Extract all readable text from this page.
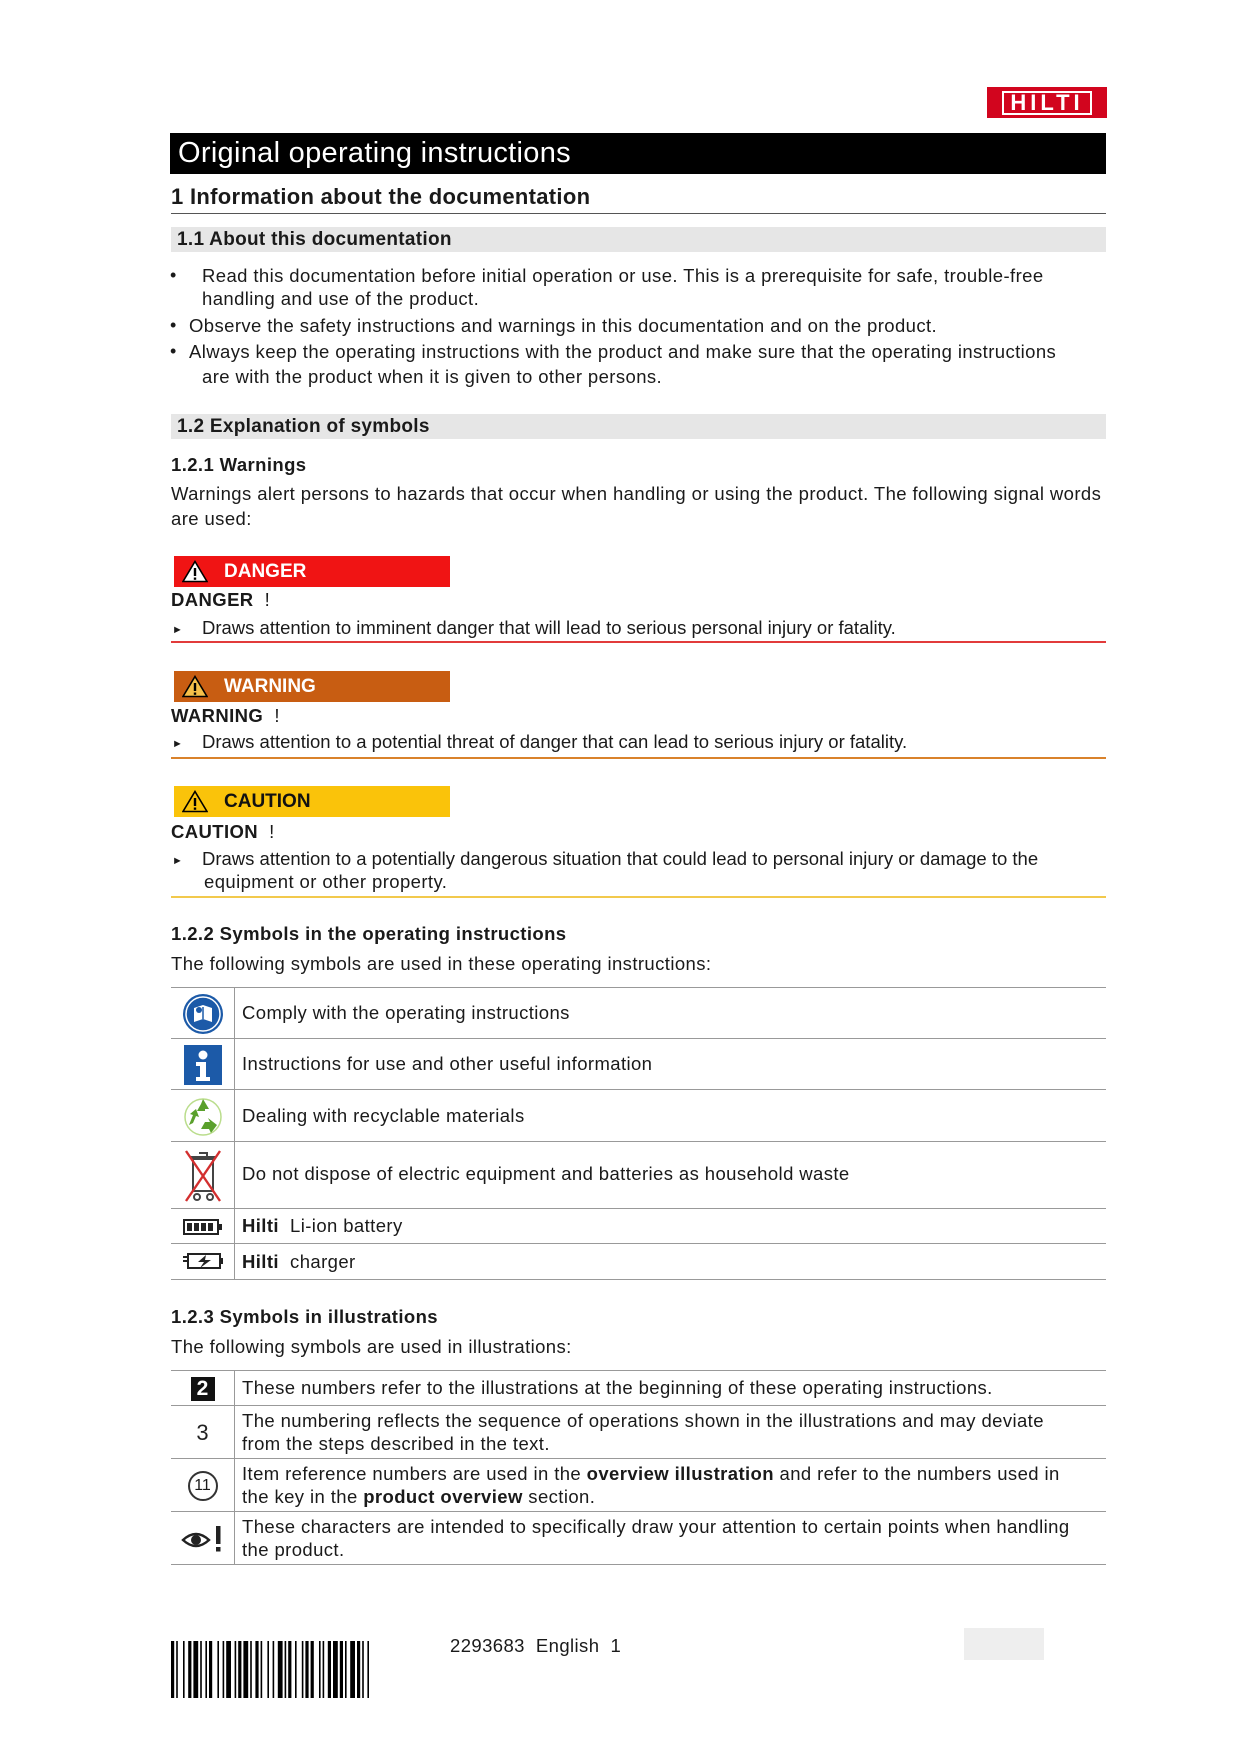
HILTI
Original operating instructions
1 Information about the documentation
1.1 About this documentation
• Read this documentation before initial operation or use. This is a prerequisite for safe, trouble-free
handling and use of the product.
• Observe the safety instructions and warnings in this documentation and on the product.
• Always keep the operating instructions with the product and make sure that the operating instructions
are with the product when it is given to other persons.
1.2 Explanation of symbols
1.2.1 Warnings
Warnings alert persons to hazards that occur when handling or using the product. The following signal words
are used:
DANGER
DANGER !
► Draws attention to imminent danger that will lead to serious personal injury or fatality.
WARNING
WARNING !
► Draws attention to a potential threat of danger that can lead to serious injury or fatality.
CAUTION
CAUTION !
► Draws attention to a potentially dangerous situation that could lead to personal injury or damage to the
equipment or other property.
1.2.2 Symbols in the operating instructions
The following symbols are used in these operating instructions:
Comply with the operating instructions
Instructions for use and other useful information
Dealing with recyclable materials
Do not dispose of electric equipment and batteries as household waste
Hilti Li-ion battery
Hilti charger
1.2.3 Symbols in illustrations
The following symbols are used in illustrations:
2
3
11
These numbers refer to the illustrations at the beginning of these operating instructions.
The numbering reflects the sequence of operations shown in the illustrations and may deviate
from the steps described in the text.
Item reference numbers are used in the overview illustration and refer to the numbers used in
the key in the product overview section.
These characters are intended to specifically draw your attention to certain points when handling
the product.
2293683 English 1
